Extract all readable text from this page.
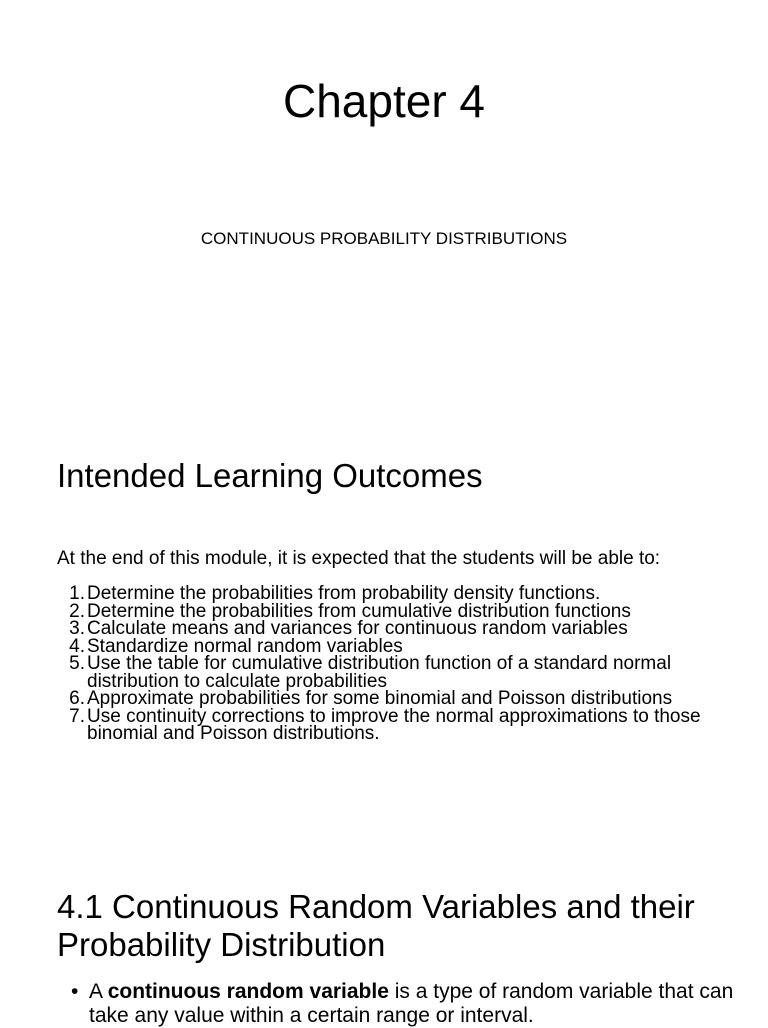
Chapter 4
CONTINUOUS PROBABILITY DISTRIBUTIONS
Intended Learning Outcomes

At the end of this module, it is expected that the students will be able to:

1. Determine the probabilities from probability density functions.
2. Determine the probabilities from cumulative distribution functions
3. Calculate means and variances for continuous random variables
4. Standardize normal random variables
5. Use the table for cumulative distribution function of a standard normal distribution to calculate probabilities
6. Approximate probabilities for some binomial and Poisson distributions
7. Use continuity corrections to improve the normal approximations to those binomial and Poisson distributions.
4.1 Continuous Random Variables and their Probability Distribution
• A continuous random variable is a type of random variable that can take any value within a certain range or interval.
